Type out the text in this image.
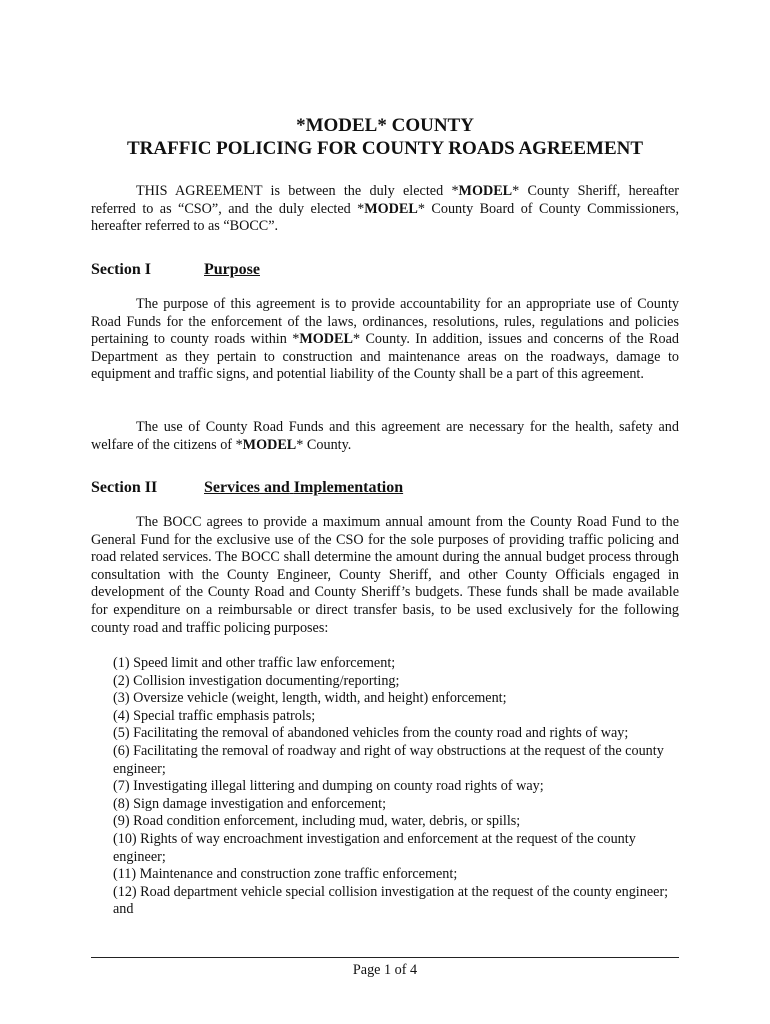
*MODEL* COUNTY
TRAFFIC POLICING FOR COUNTY ROADS AGREEMENT

THIS AGREEMENT is between the duly elected *MODEL* County Sheriff, hereafter referred to as “CSO”, and the duly elected *MODEL* County Board of County Commissioners, hereafter referred to as “BOCC”.

Section I	Purpose

The purpose of this agreement is to provide accountability for an appropriate use of County Road Funds for the enforcement of the laws, ordinances, resolutions, rules, regulations and policies pertaining to county roads within *MODEL* County. In addition, issues and concerns of the Road Department as they pertain to construction and maintenance areas on the roadways, damage to equipment and traffic signs, and potential liability of the County shall be a part of this agreement.

The use of County Road Funds and this agreement are necessary for the health, safety and welfare of the citizens of *MODEL* County.

Section II	Services and Implementation

The BOCC agrees to provide a maximum annual amount from the County Road Fund to the General Fund for the exclusive use of the CSO for the sole purposes of providing traffic policing and road related services. The BOCC shall determine the amount during the annual budget process through consultation with the County Engineer, County Sheriff, and other County Officials engaged in development of the County Road and County Sheriff’s budgets. These funds shall be made available for expenditure on a reimbursable or direct transfer basis, to be used exclusively for the following county road and traffic policing purposes:

(1) Speed limit and other traffic law enforcement;
(2) Collision investigation documenting/reporting;
(3) Oversize vehicle (weight, length, width, and height) enforcement;
(4) Special traffic emphasis patrols;
(5) Facilitating the removal of abandoned vehicles from the county road and rights of way;
(6) Facilitating the removal of roadway and right of way obstructions at the request of the county engineer;
(7) Investigating illegal littering and dumping on county road rights of way;
(8) Sign damage investigation and enforcement;
(9) Road condition enforcement, including mud, water, debris, or spills;
(10) Rights of way encroachment investigation and enforcement at the request of the county engineer;
(11) Maintenance and construction zone traffic enforcement;
(12) Road department vehicle special collision investigation at the request of the county engineer; and
Page 1 of 4
